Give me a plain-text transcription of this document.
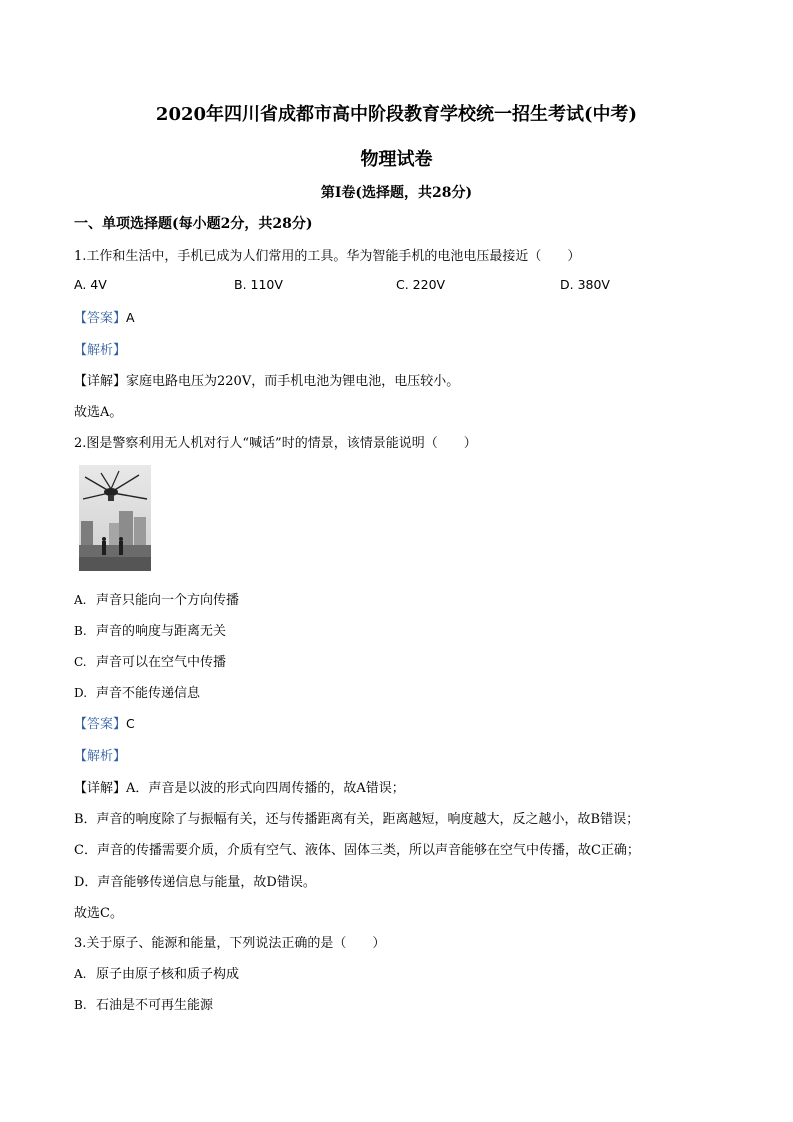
2020年四川省成都市高中阶段教育学校统一招生考试(中考)
物理试卷
第I卷(选择题，共28分)
一、单项选择题(每小题2分，共28分)
1.工作和生活中，手机已成为人们常用的工具。华为智能手机的电池电压最接近（　　）
A. 4V	B. 110V	C. 220V	D. 380V
【答案】A
【解析】
【详解】家庭电路电压为220V，而手机电池为锂电池，电压较小。
故选A。
2.图是警察利用无人机对行人“喊话”时的情景，该情景能说明（　　）
A. 声音只能向一个方向传播
B. 声音的响度与距离无关
C. 声音可以在空气中传播
D. 声音不能传递信息
【答案】C
【解析】
【详解】A．声音是以波的形式向四周传播的，故A错误；
B．声音的响度除了与振幅有关，还与传播距离有关，距离越短，响度越大，反之越小，故B错误；
C．声音的传播需要介质，介质有空气、液体、固体三类，所以声音能够在空气中传播，故C正确；
D．声音能够传递信息与能量，故D错误。
故选C。
3.关于原子、能源和能量，下列说法正确的是（　　）
A. 原子由原子核和质子构成
B. 石油是不可再生能源
